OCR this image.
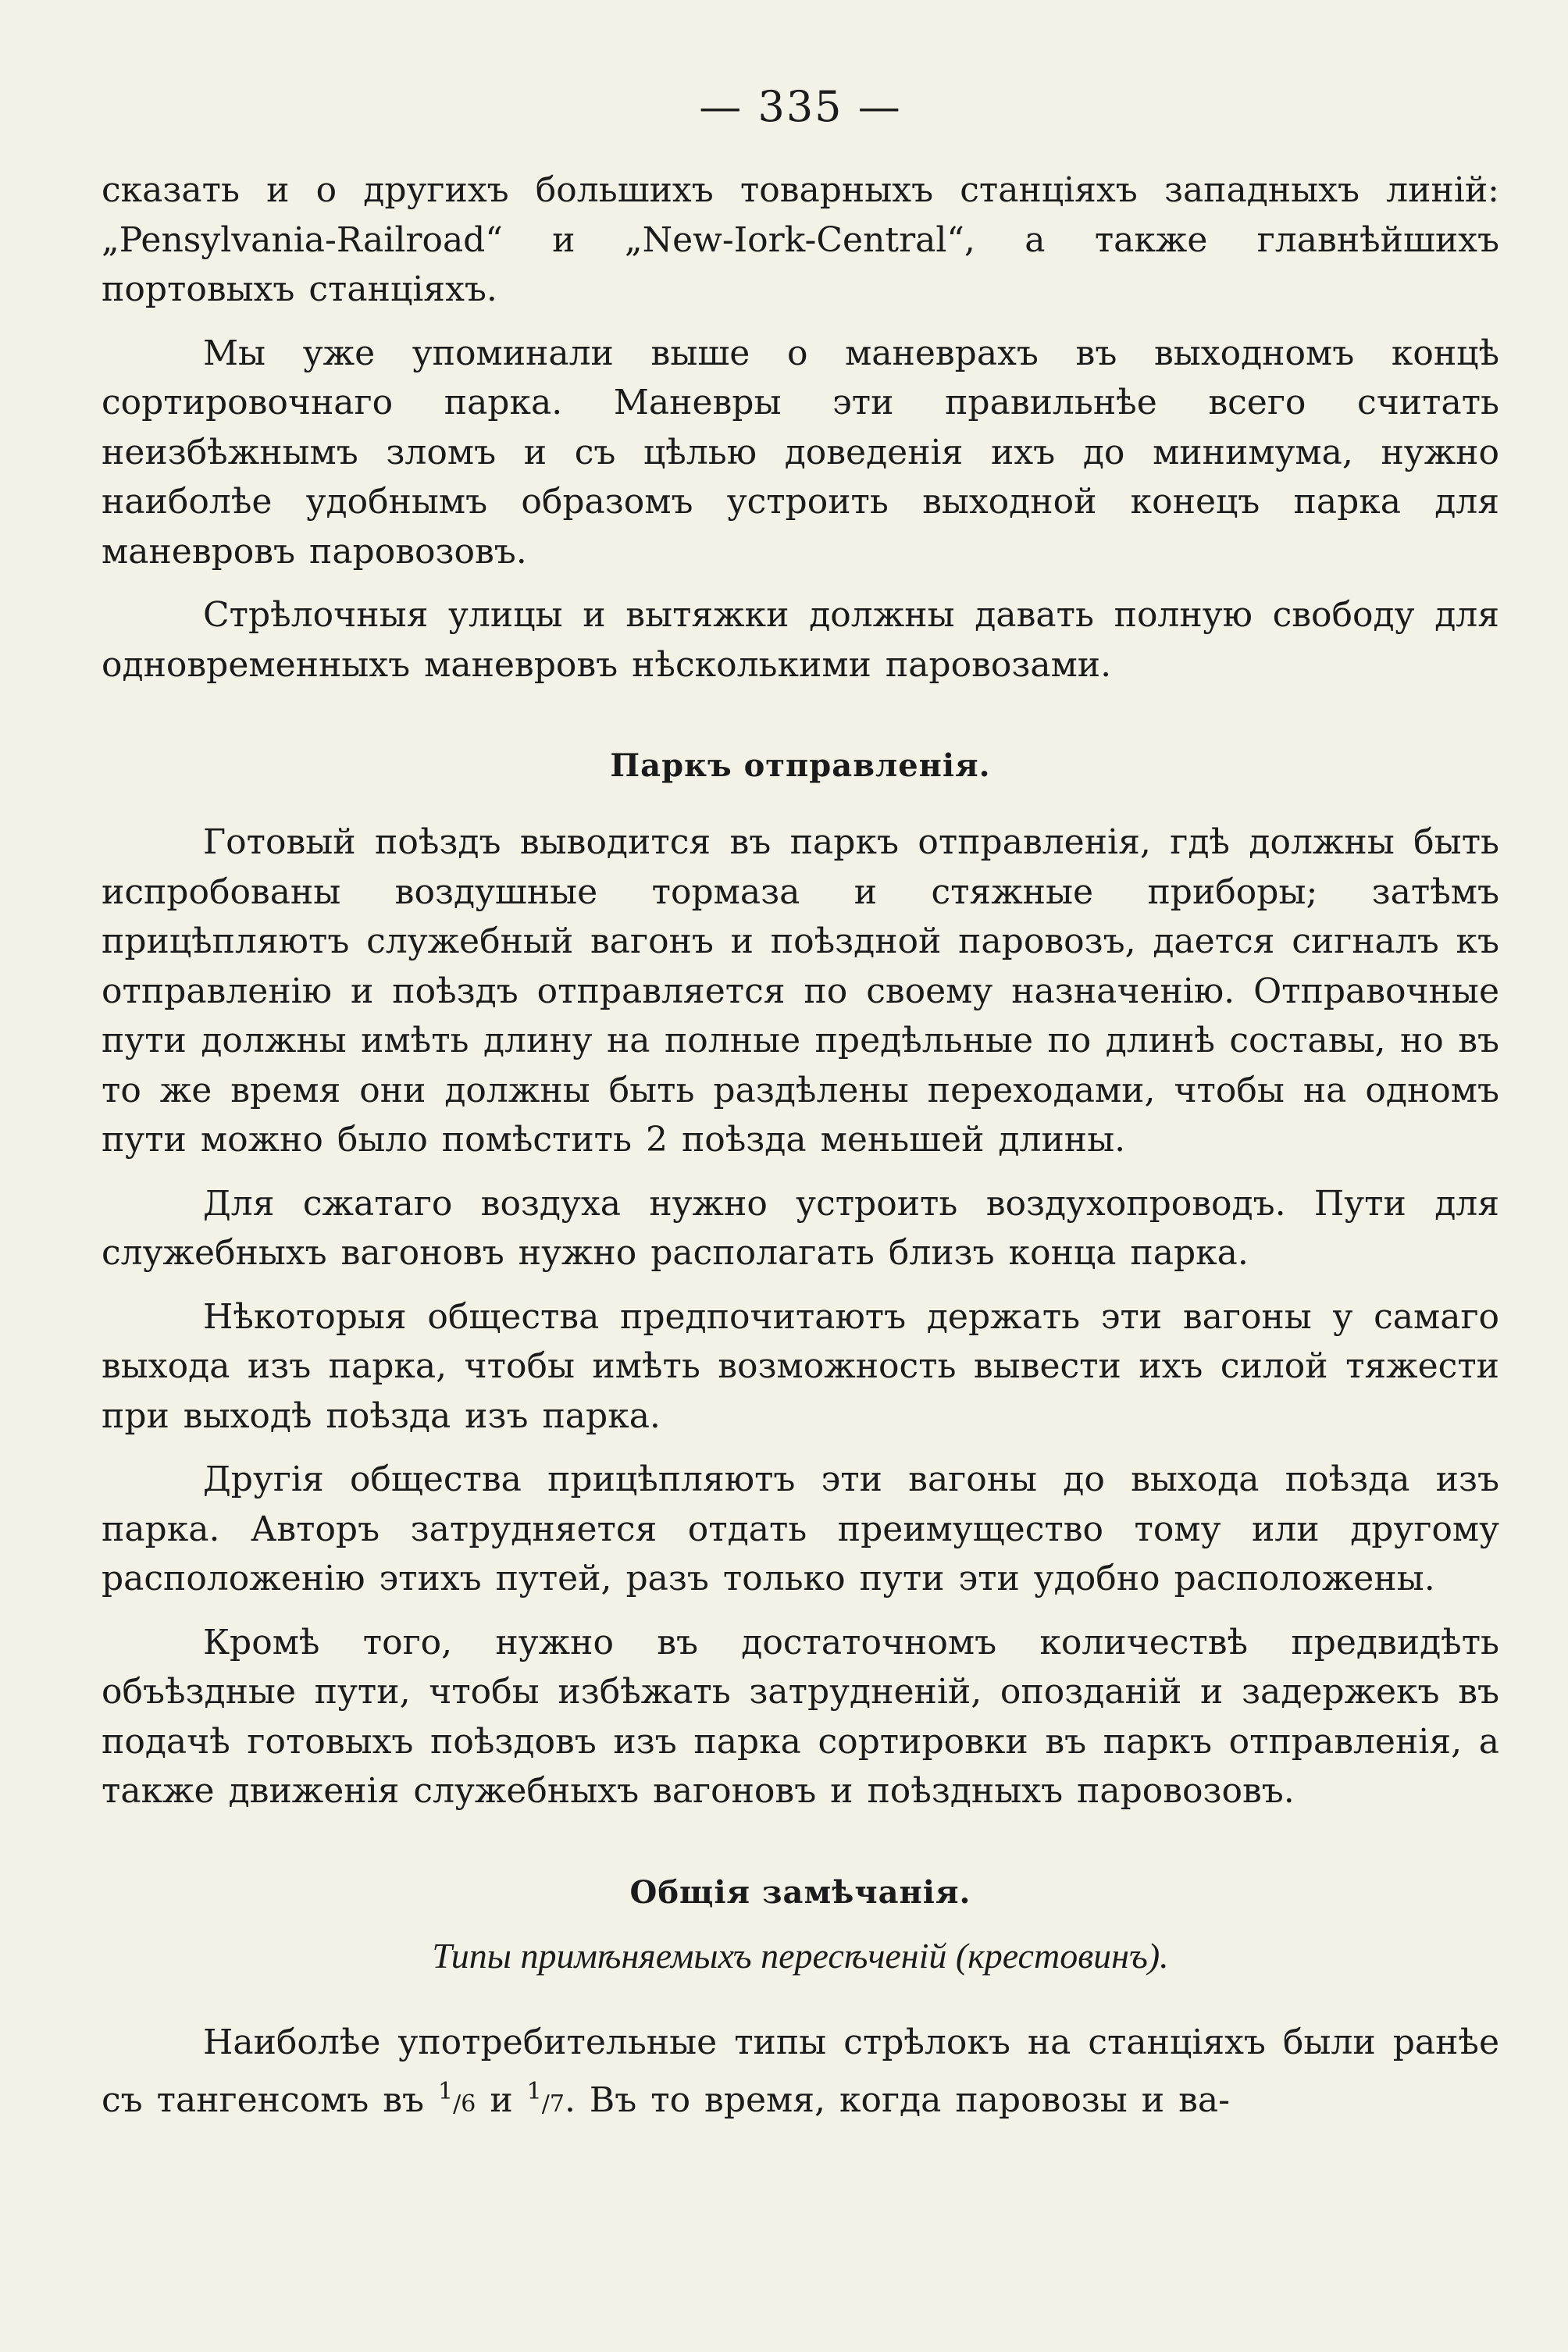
— 335 —

сказать и о другихъ большихъ товарныхъ станціяхъ западныхъ линій: „Pensylvania-Railroad“ и „New-Iork-Central“, а также главнѣйшихъ портовыхъ станціяхъ.

Мы уже упоминали выше о маневрахъ въ выходномъ концѣ сортировочнаго парка. Маневры эти правильнѣе всего считать неизбѣжнымъ зломъ и съ цѣлью доведенія ихъ до минимума, нужно наиболѣе удобнымъ образомъ устроить выходной конецъ парка для маневровъ паровозовъ.

Стрѣлочныя улицы и вытяжки должны давать полную свободу для одновременныхъ маневровъ нѣсколькими паровозами.

Паркъ отправленія.

Готовый поѣздъ выводится въ паркъ отправленія, гдѣ должны быть испробованы воздушные тормаза и стяжные приборы; затѣмъ прицѣпляютъ служебный вагонъ и поѣздной паровозъ, дается сигналъ къ отправленію и поѣздъ отправляется по своему назначенію. Отправочные пути должны имѣть длину на полные предѣльные по длинѣ составы, но въ то же время они должны быть раздѣлены переходами, чтобы на одномъ пути можно было помѣстить 2 поѣзда меньшей длины.

Для сжатаго воздуха нужно устроить воздухопроводъ. Пути для служебныхъ вагоновъ нужно располагать близъ конца парка.

Нѣкоторыя общества предпочитаютъ держать эти вагоны у самаго выхода изъ парка, чтобы имѣть возможность вывести ихъ силой тяжести при выходѣ поѣзда изъ парка.

Другія общества прицѣпляютъ эти вагоны до выхода поѣзда изъ парка. Авторъ затрудняется отдать преимущество тому или другому расположенію этихъ путей, разъ только пути эти удобно расположены.

Кромѣ того, нужно въ достаточномъ количествѣ предвидѣть объѣздные пути, чтобы избѣжать затрудненій, опозданій и задержекъ въ подачѣ готовыхъ поѣздовъ изъ парка сортировки въ паркъ отправленія, а также движенія служебныхъ вагоновъ и поѣздныхъ паровозовъ.

Общія замѣчанія.
Типы примѣняемыхъ пересѣченій (крестовинъ).

Наиболѣе употребительные типы стрѣлокъ на станціяхъ были ранѣе съ тангенсомъ въ $^1$/6 и $^1$/7. Въ то время, когда паровозы и ва-
